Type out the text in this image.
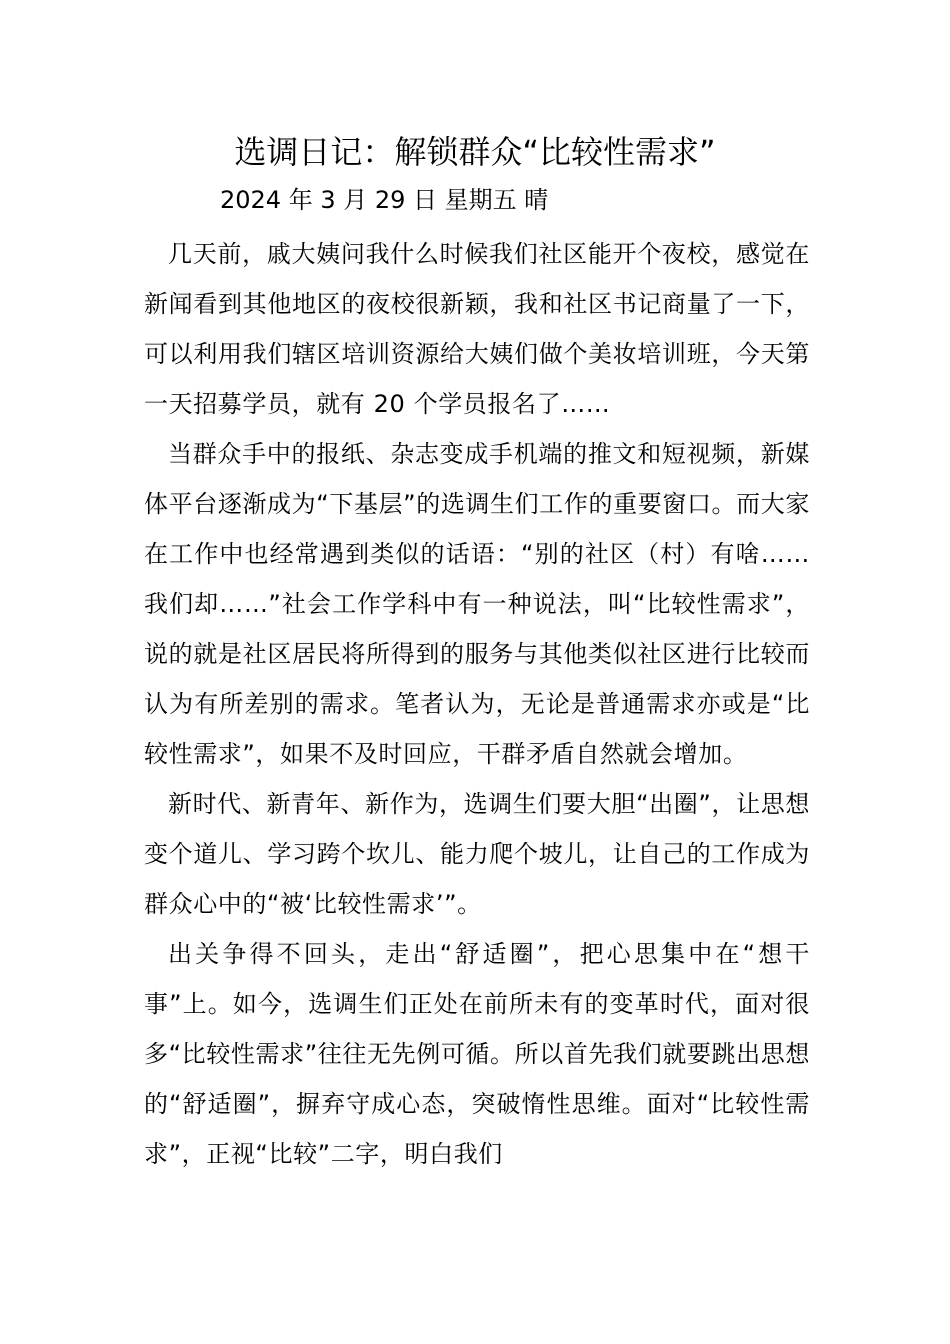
选调日记：解锁群众“比较性需求”
2024 年 3 月 29 日 星期五 晴

几天前，戚大姨问我什么时候我们社区能开个夜校，感觉在新闻看到其他地区的夜校很新颖，我和社区书记商量了一下，可以利用我们辖区培训资源给大姨们做个美妆培训班，今天第一天招募学员，就有 20 个学员报名了……

当群众手中的报纸、杂志变成手机端的推文和短视频，新媒体平台逐渐成为“下基层”的选调生们工作的重要窗口。而大家在工作中也经常遇到类似的话语：“别的社区（村）有啥……我们却……”社会工作学科中有一种说法，叫“比较性需求”，说的就是社区居民将所得到的服务与其他类似社区进行比较而认为有所差别的需求。笔者认为，无论是普通需求亦或是“比较性需求”，如果不及时回应，干群矛盾自然就会增加。

新时代、新青年、新作为，选调生们要大胆“出圈”，让思想变个道儿、学习跨个坎儿、能力爬个坡儿，让自己的工作成为群众心中的“被‘比较性需求’”。

出关争得不回头，走出“舒适圈”，把心思集中在“想干事”上。如今，选调生们正处在前所未有的变革时代，面对很多“比较性需求”往往无先例可循。所以首先我们就要跳出思想的“舒适圈”，摒弃守成心态，突破惰性思维。面对“比较性需求”，正视“比较”二字，明白我们
